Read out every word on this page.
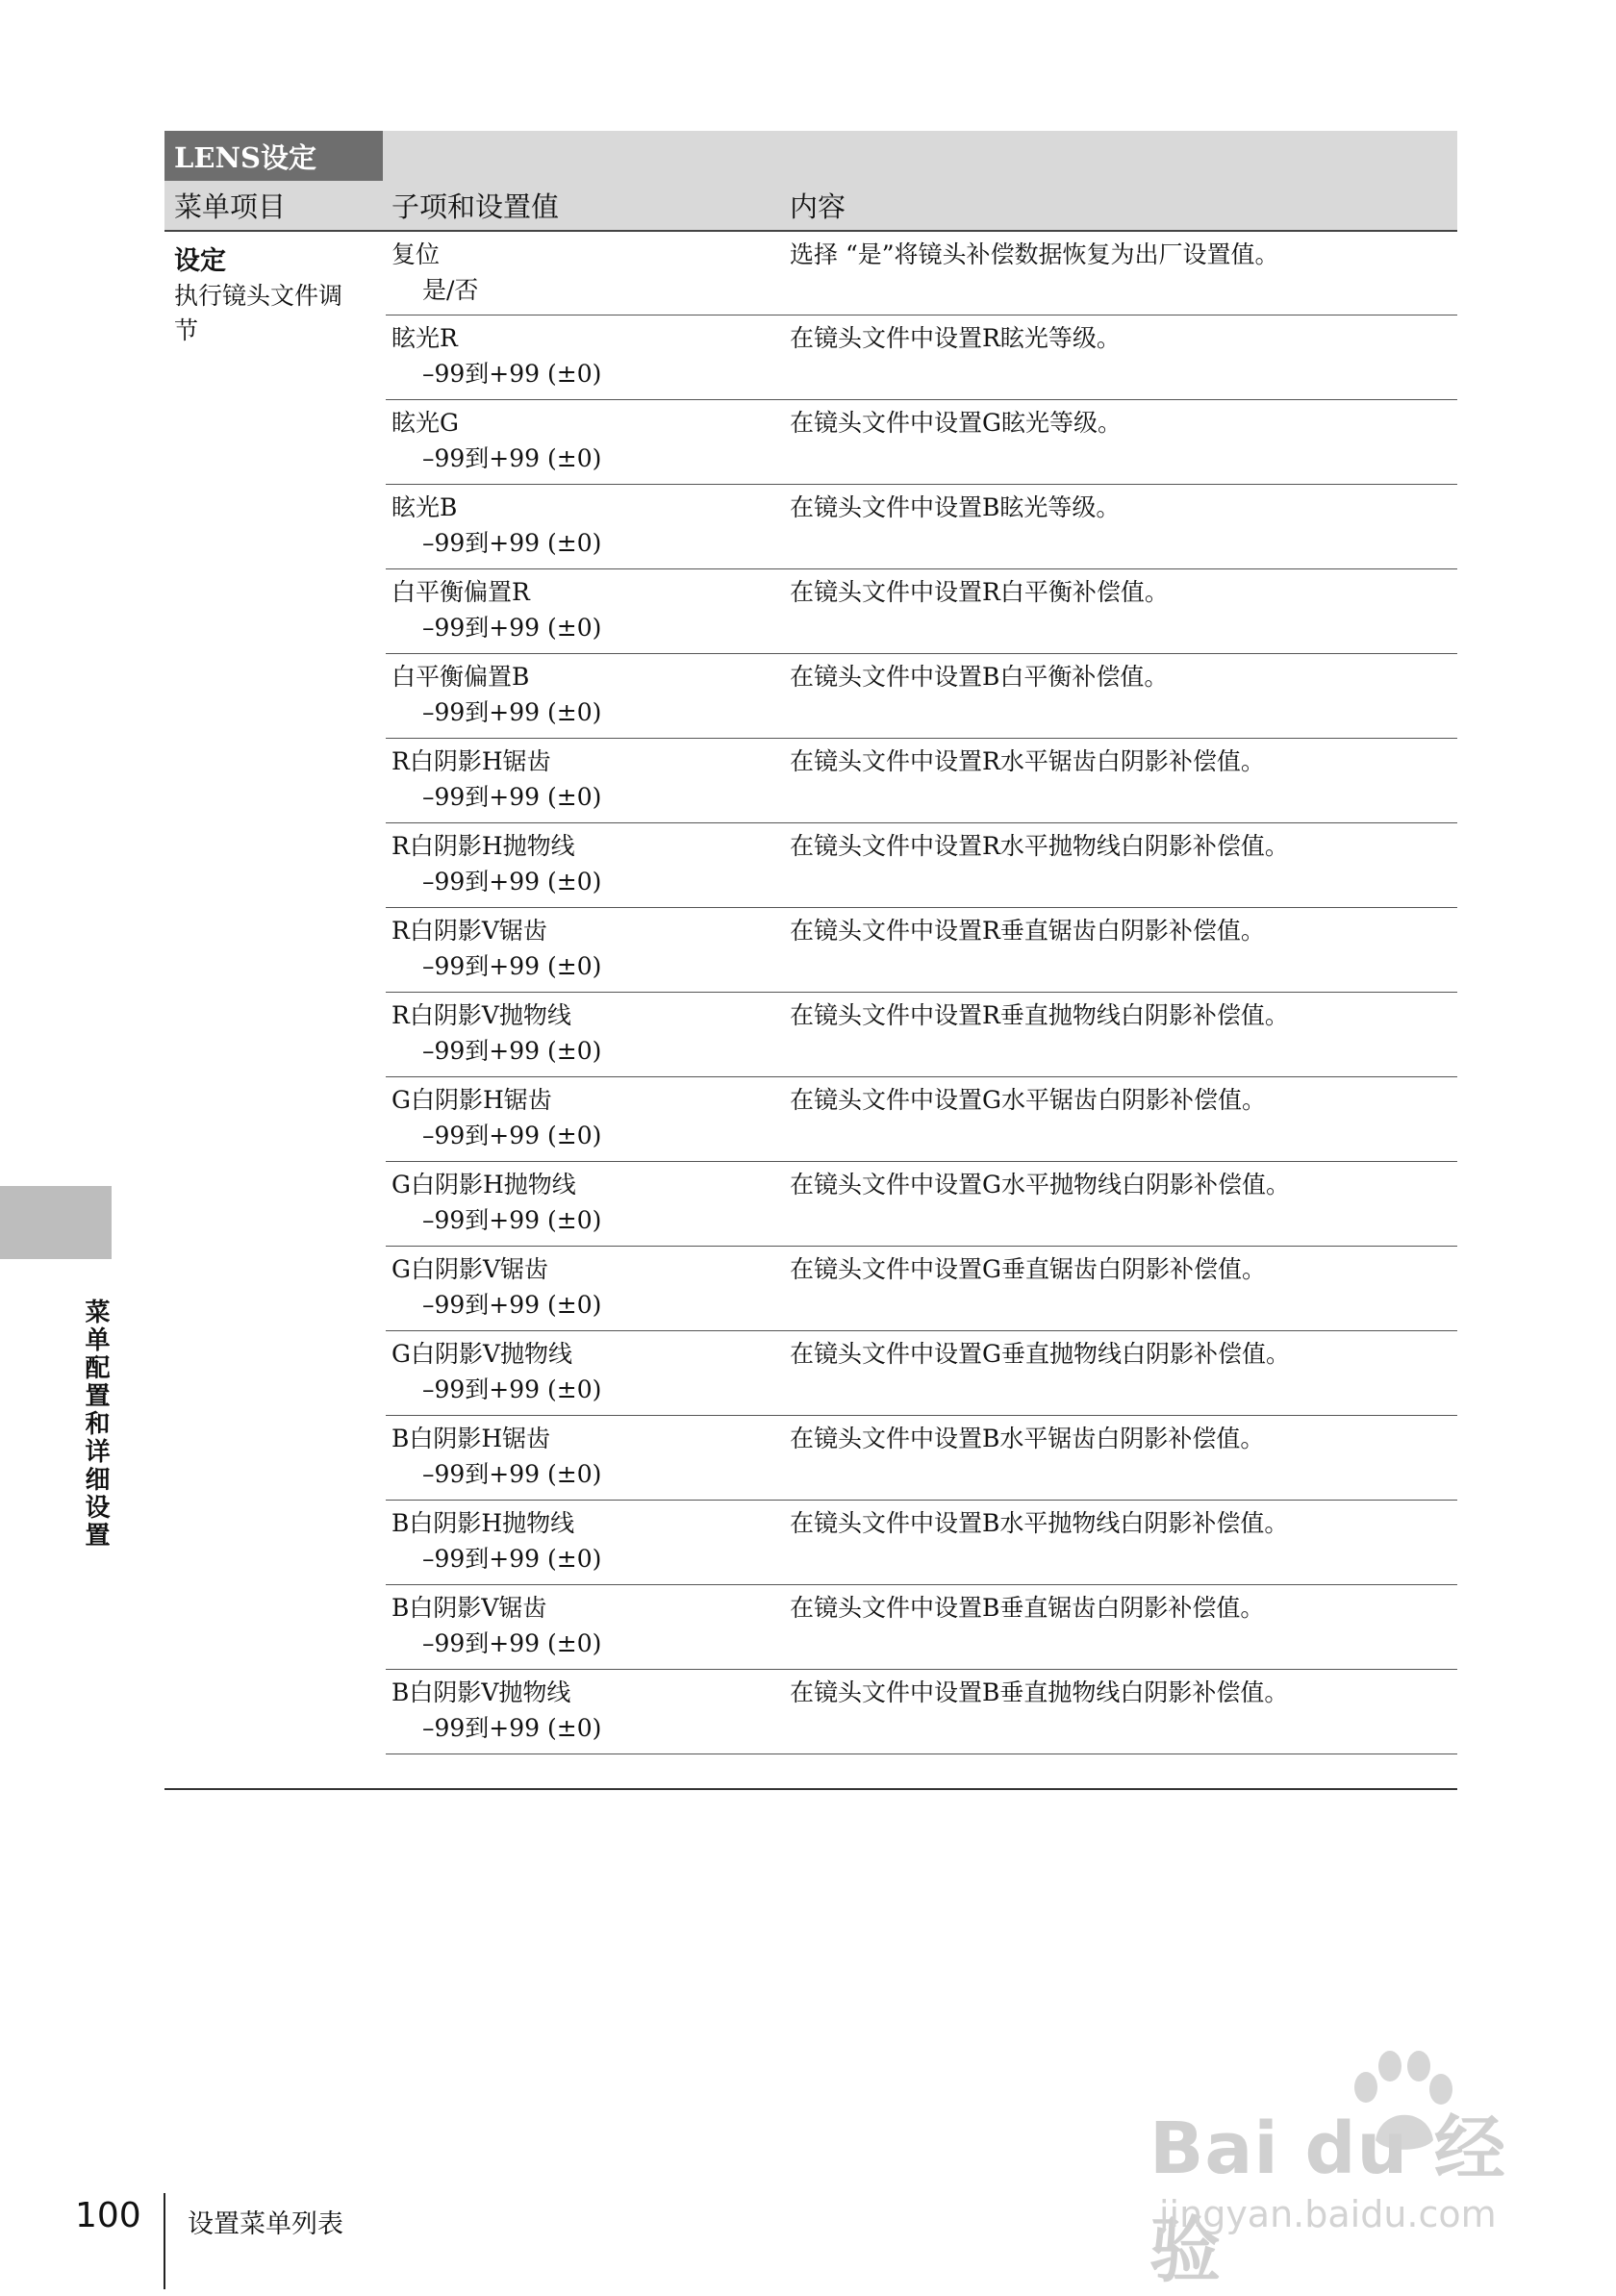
LENS设定
菜单项目	子项和设置值	内容
设定
执行镜头文件调
节
复位
是/否
选择 “是”将镜头补偿数据恢复为出厂设置值。
眩光R
–99到+99 (±0)
在镜头文件中设置R眩光等级。
眩光G
–99到+99 (±0)
在镜头文件中设置G眩光等级。
眩光B
–99到+99 (±0)
在镜头文件中设置B眩光等级。
白平衡偏置R
–99到+99 (±0)
在镜头文件中设置R白平衡补偿值。
白平衡偏置B
–99到+99 (±0)
在镜头文件中设置B白平衡补偿值。
R白阴影H锯齿
–99到+99 (±0)
在镜头文件中设置R水平锯齿白阴影补偿值。
R白阴影H抛物线
–99到+99 (±0)
在镜头文件中设置R水平抛物线白阴影补偿值。
R白阴影V锯齿
–99到+99 (±0)
在镜头文件中设置R垂直锯齿白阴影补偿值。
R白阴影V抛物线
–99到+99 (±0)
在镜头文件中设置R垂直抛物线白阴影补偿值。
G白阴影H锯齿
–99到+99 (±0)
在镜头文件中设置G水平锯齿白阴影补偿值。
G白阴影H抛物线
–99到+99 (±0)
在镜头文件中设置G水平抛物线白阴影补偿值。
G白阴影V锯齿
–99到+99 (±0)
在镜头文件中设置G垂直锯齿白阴影补偿值。
G白阴影V抛物线
–99到+99 (±0)
在镜头文件中设置G垂直抛物线白阴影补偿值。
B白阴影H锯齿
–99到+99 (±0)
在镜头文件中设置B水平锯齿白阴影补偿值。
B白阴影H抛物线
–99到+99 (±0)
在镜头文件中设置B水平抛物线白阴影补偿值。
B白阴影V锯齿
–99到+99 (±0)
在镜头文件中设置B垂直锯齿白阴影补偿值。
B白阴影V抛物线
–99到+99 (±0)
在镜头文件中设置B垂直抛物线白阴影补偿值。
菜单配置和详细设置
100 设置菜单列表
Bai du 经验
jingyan.baidu.com
